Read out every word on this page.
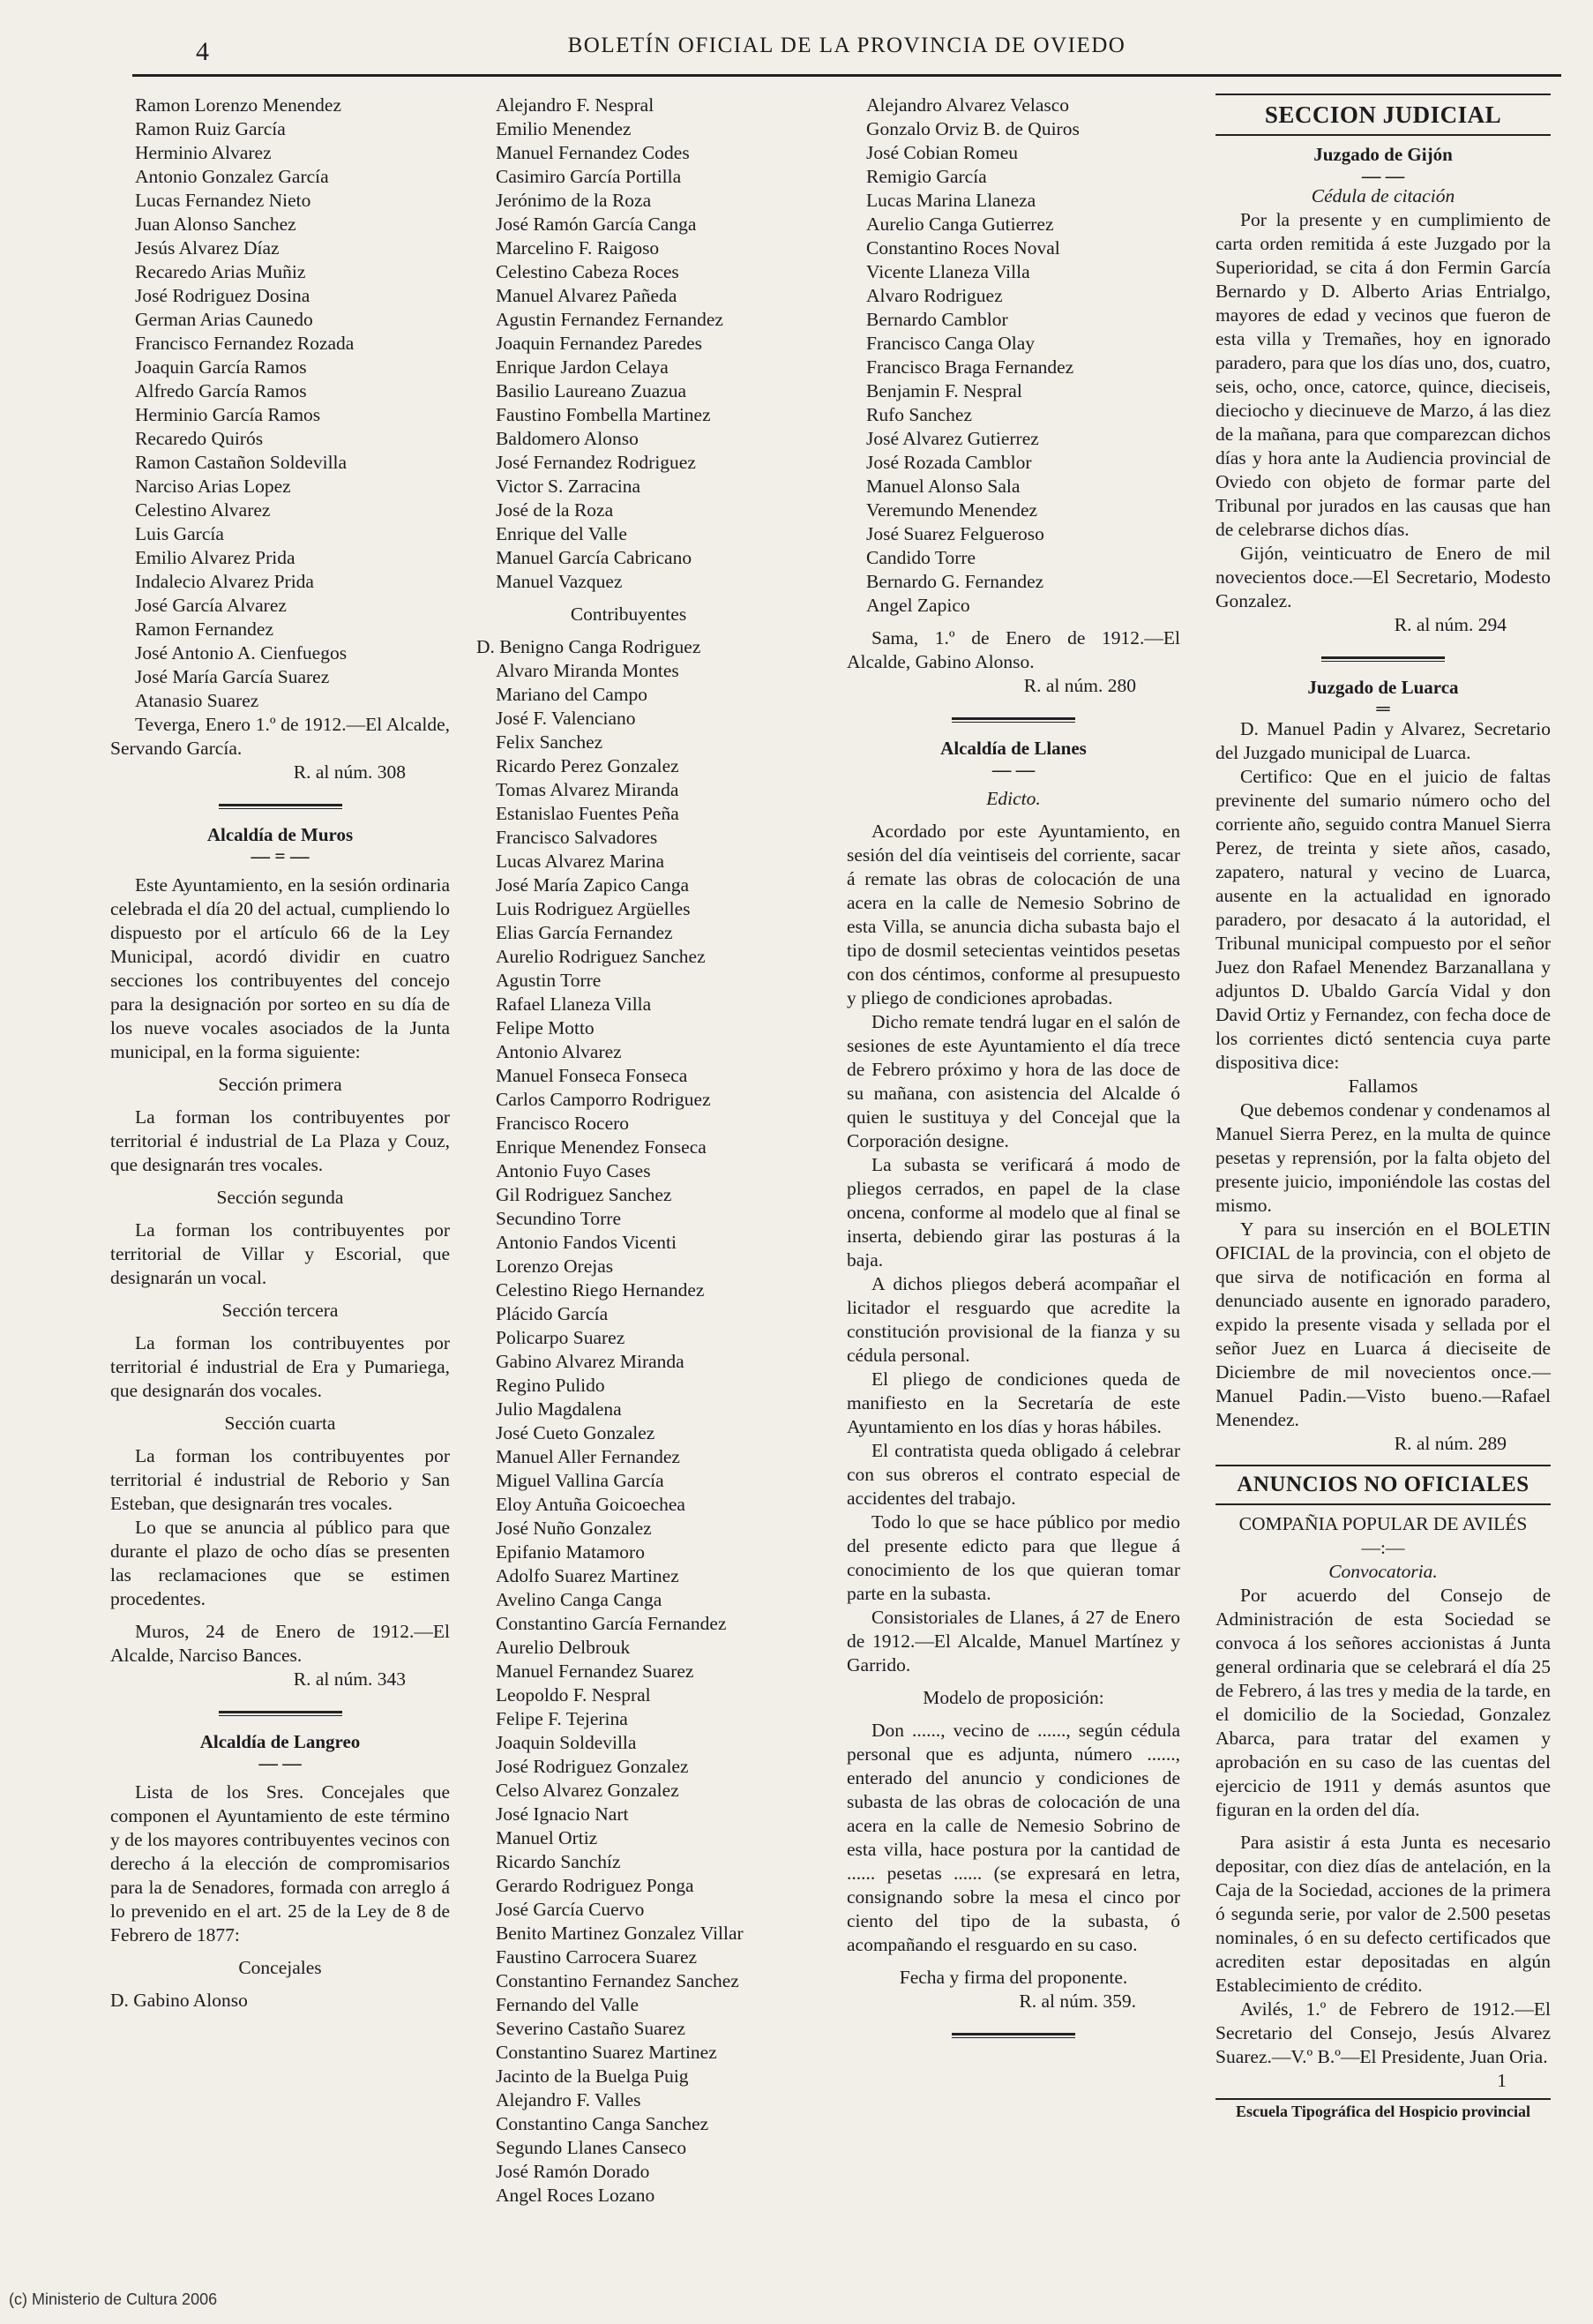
4	BOLETÍN OFICIAL DE LA PROVINCIA DE OVIEDO
Ramon Lorenzo Menendez
Ramon Ruiz García
Herminio Alvarez
Antonio Gonzalez García
Lucas Fernandez Nieto
Juan Alonso Sanchez
Jesús Alvarez Díaz
Recaredo Arias Muñiz
José Rodriguez Dosina
German Arias Caunedo
Francisco Fernandez Rozada
Joaquin García Ramos
Alfredo García Ramos
Herminio García Ramos
Recaredo Quirós
Ramon Castañon Soldevilla
Narciso Arias Lopez
Celestino Alvarez
Luis García
Emilio Alvarez Prida
Indalecio Alvarez Prida
José García Alvarez
Ramon Fernandez
José Antonio A. Cienfuegos
José María García Suarez
Atanasio Suarez

Teverga, Enero 1.º de 1912.—El Alcalde, Servando García.

R. al núm. 308

Alcaldía de Muros
— = —

Este Ayuntamiento, en la sesión ordinaria celebrada el día 20 del actual, cumpliendo lo dispuesto por el artículo 66 de la Ley Municipal, acordó dividir en cuatro secciones los contribuyentes del concejo para la designación por sorteo en su día de los nueve vocales asociados de la Junta municipal, en la forma siguiente:

Sección primera

La forman los contribuyentes por territorial é industrial de La Plaza y Couz, que designarán tres vocales.

Sección segunda

La forman los contribuyentes por territorial de Villar y Escorial, que designarán un vocal.

Sección tercera

La forman los contribuyentes por territorial é industrial de Era y Pumariega, que designarán dos vocales.

Sección cuarta

La forman los contribuyentes por territorial é industrial de Reborio y San Esteban, que designarán tres vocales.

Lo que se anuncia al público para que durante el plazo de ocho días se presenten las reclamaciones que se estimen procedentes.

Muros, 24 de Enero de 1912.—El Alcalde, Narciso Bances.

R. al núm. 343

Alcaldía de Langreo
— —

Lista de los Sres. Concejales que componen el Ayuntamiento de este término y de los mayores contribuyentes vecinos con derecho á la elección de compromisarios para la de Senadores, formada con arreglo á lo prevenido en el art. 25 de la Ley de 8 de Febrero de 1877:

Concejales
D. Gabino Alonso
Alejandro F. Nespral
Emilio Menendez
Manuel Fernandez Codes
Casimiro García Portilla
Jerónimo de la Roza
José Ramón García Canga
Marcelino F. Raigoso
Celestino Cabeza Roces
Manuel Alvarez Pañeda
Agustin Fernandez Fernandez
Joaquin Fernandez Paredes
Enrique Jardon Celaya
Basilio Laureano Zuazua
Faustino Fombella Martinez
Baldomero Alonso
José Fernandez Rodriguez
Victor S. Zarracina
José de la Roza
Enrique del Valle
Manuel García Cabricano
Manuel Vazquez
Contribuyentes
D. Benigno Canga Rodriguez
Alvaro Miranda Montes
Mariano del Campo
José F. Valenciano
Felix Sanchez
Ricardo Perez Gonzalez
Tomas Alvarez Miranda
Estanislao Fuentes Peña
Francisco Salvadores
Lucas Alvarez Marina
José María Zapico Canga
Luis Rodriguez Argüelles
Elias García Fernandez
Aurelio Rodriguez Sanchez
Agustin Torre
Rafael Llaneza Villa
Felipe Motto
Antonio Alvarez
Manuel Fonseca Fonseca
Carlos Camporro Rodriguez
Francisco Rocero
Enrique Menendez Fonseca
Antonio Fuyo Cases
Gil Rodriguez Sanchez
Secundino Torre
Antonio Fandos Vicenti
Lorenzo Orejas
Celestino Riego Hernandez
Plácido García
Policarpo Suarez
Gabino Alvarez Miranda
Regino Pulido
Julio Magdalena
José Cueto Gonzalez
Manuel Aller Fernandez
Miguel Vallina García
Eloy Antuña Goicoechea
José Nuño Gonzalez
Epifanio Matamoro
Adolfo Suarez Martinez
Avelino Canga Canga
Constantino García Fernandez
Aurelio Delbrouk
Manuel Fernandez Suarez
Leopoldo F. Nespral
Felipe F. Tejerina
Joaquin Soldevilla
José Rodriguez Gonzalez
Celso Alvarez Gonzalez
José Ignacio Nart
Manuel Ortiz
Ricardo Sanchíz
Gerardo Rodriguez Ponga
José García Cuervo
Benito Martinez Gonzalez Villar
Faustino Carrocera Suarez
Constantino Fernandez Sanchez
Fernando del Valle
Severino Castaño Suarez
Constantino Suarez Martinez
Jacinto de la Buelga Puig
Alejandro F. Valles
Constantino Canga Sanchez
Segundo Llanes Canseco
José Ramón Dorado
Angel Roces Lozano
Alejandro Alvarez Velasco
Gonzalo Orviz B. de Quiros
José Cobian Romeu
Remigio García
Lucas Marina Llaneza
Aurelio Canga Gutierrez
Constantino Roces Noval
Vicente Llaneza Villa
Alvaro Rodriguez
Bernardo Camblor
Francisco Canga Olay
Francisco Braga Fernandez
Benjamin F. Nespral
Rufo Sanchez
José Alvarez Gutierrez
José Rozada Camblor
Manuel Alonso Sala
Veremundo Menendez
José Suarez Felgueroso
Candido Torre
Bernardo G. Fernandez
Angel Zapico

Sama, 1.º de Enero de 1912.—El Alcalde, Gabino Alonso.

R. al núm. 280

Alcaldía de Llanes
— —
Edicto.

Acordado por este Ayuntamiento, en sesión del día veintiseis del corriente, sacar á remate las obras de colocación de una acera en la calle de Nemesio Sobrino de esta Villa, se anuncia dicha subasta bajo el tipo de dosmil setecientas veintidos pesetas con dos céntimos, conforme al presupuesto y pliego de condiciones aprobadas.

Dicho remate tendrá lugar en el salón de sesiones de este Ayuntamiento el día trece de Febrero próximo y hora de las doce de su mañana, con asistencia del Alcalde ó quien le sustituya y del Concejal que la Corporación designe.

La subasta se verificará á modo de pliegos cerrados, en papel de la clase oncena, conforme al modelo que al final se inserta, debiendo girar las posturas á la baja.

A dichos pliegos deberá acompañar el licitador el resguardo que acredite la constitución provisional de la fianza y su cédula personal.

El pliego de condiciones queda de manifiesto en la Secretaría de este Ayuntamiento en los días y horas hábiles.

El contratista queda obligado á celebrar con sus obreros el contrato especial de accidentes del trabajo.

Todo lo que se hace público por medio del presente edicto para que llegue á conocimiento de los que quieran tomar parte en la subasta.

Consistoriales de Llanes, á 27 de Enero de 1912.—El Alcalde, Manuel Martínez y Garrido.

Modelo de proposición:

Don ......, vecino de ......, según cédula personal que es adjunta, número ......, enterado del anuncio y condiciones de subasta de las obras de colocación de una acera en la calle de Nemesio Sobrino de esta villa, hace postura por la cantidad de ...... pesetas ...... (se expresará en letra, consignando sobre la mesa el cinco por ciento del tipo de la subasta, ó acompañando el resguardo en su caso.

Fecha y firma del proponente.

R. al núm. 359.

SECCION JUDICIAL
Juzgado de Gijón
— —
Cédula de citación

Por la presente y en cumplimiento de carta orden remitida á este Juzgado por la Superioridad, se cita á don Fermin García Bernardo y D. Alberto Arias Entrialgo, mayores de edad y vecinos que fueron de esta villa y Tremañes, hoy en ignorado paradero, para que los días uno, dos, cuatro, seis, ocho, once, catorce, quince, dieciseis, dieciocho y diecinueve de Marzo, á las diez de la mañana, para que comparezcan dichos días y hora ante la Audiencia provincial de Oviedo con objeto de formar parte del Tribunal por jurados en las causas que han de celebrarse dichos días.

Gijón, veinticuatro de Enero de mil novecientos doce.—El Secretario, Modesto Gonzalez.

R. al núm. 294

Juzgado de Luarca
═

D. Manuel Padin y Alvarez, Secretario del Juzgado municipal de Luarca.

Certifico: Que en el juicio de faltas previnente del sumario número ocho del corriente año, seguido contra Manuel Sierra Perez, de treinta y siete años, casado, zapatero, natural y vecino de Luarca, ausente en la actualidad en ignorado paradero, por desacato á la autoridad, el Tribunal municipal compuesto por el señor Juez don Rafael Menendez Barzanallana y adjuntos D. Ubaldo García Vidal y don David Ortiz y Fernandez, con fecha doce de los corrientes dictó sentencia cuya parte dispositiva dice:

Fallamos

Que debemos condenar y condenamos al Manuel Sierra Perez, en la multa de quince pesetas y reprensión, por la falta objeto del presente juicio, imponiéndole las costas del mismo.

Y para su inserción en el BOLETIN OFICIAL de la provincia, con el objeto de que sirva de notificación en forma al denunciado ausente en ignorado paradero, expido la presente visada y sellada por el señor Juez en Luarca á dieciseite de Diciembre de mil novecientos once.—Manuel Padin.—Visto bueno.—Rafael Menendez.

R. al núm. 289

ANUNCIOS NO OFICIALES
COMPAÑIA POPULAR DE AVILÉS
—:—
Convocatoria.

Por acuerdo del Consejo de Administración de esta Sociedad se convoca á los señores accionistas á Junta general ordinaria que se celebrará el día 25 de Febrero, á las tres y media de la tarde, en el domicilio de la Sociedad, Gonzalez Abarca, para tratar del examen y aprobación en su caso de las cuentas del ejercicio de 1911 y demás asuntos que figuran en la orden del día.

Para asistir á esta Junta es necesario depositar, con diez días de antelación, en la Caja de la Sociedad, acciones de la primera ó segunda serie, por valor de 2.500 pesetas nominales, ó en su defecto certificados que acrediten estar depositadas en algún Establecimiento de crédito.

Avilés, 1.º de Febrero de 1912.—El Secretario del Consejo, Jesús Alvarez Suarez.—V.º B.º—El Presidente, Juan Oria.

1

Escuela Tipográfica del Hospicio provincial
(c) Ministerio de Cultura 2006
